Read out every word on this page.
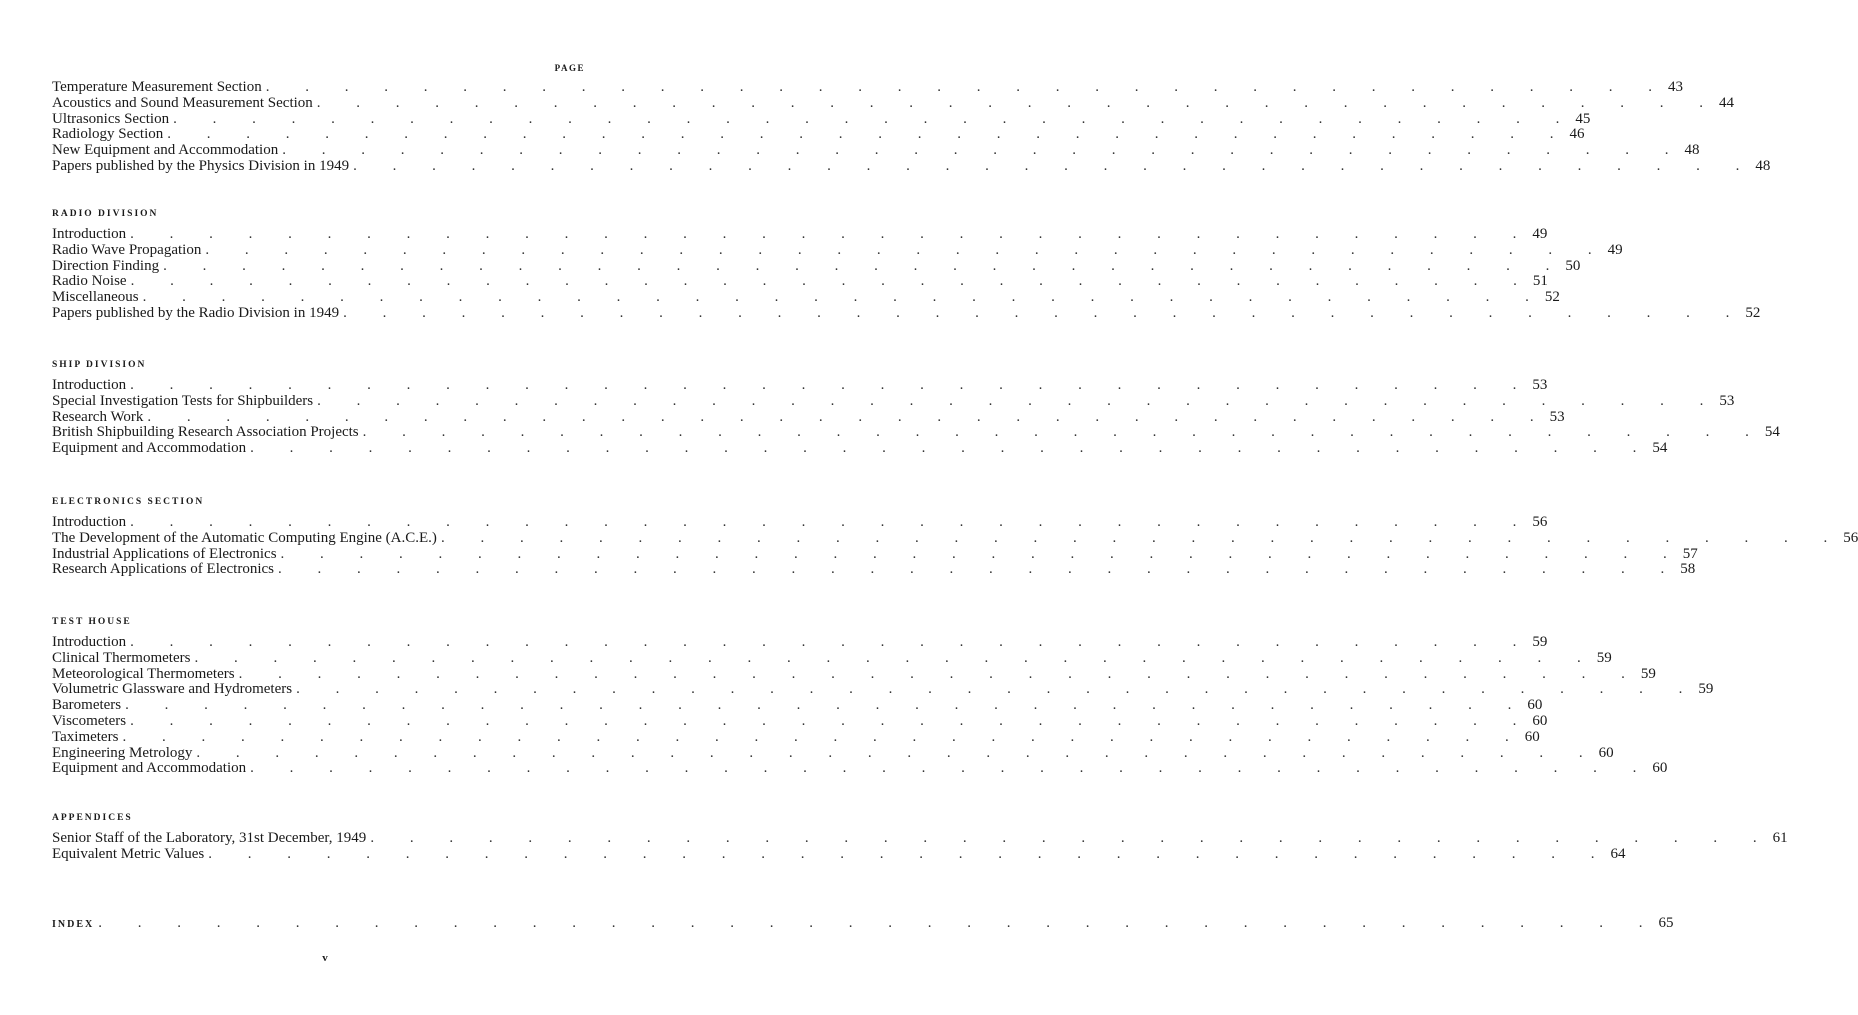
PAGE
Temperature Measurement Section . . . . . . . . . . . . . . . . . . . . . . . . . . . . . . . . . . . . 43
Acoustics and Sound Measurement Section . . . . . . . . . . . . . . . . . . . . . . . . . . . . . . . . . . . . 44
Ultrasonics Section . . . . . . . . . . . . . . . . . . . . . . . . . . . . . . . . . . . . 45
Radiology Section . . . . . . . . . . . . . . . . . . . . . . . . . . . . . . . . . . . . 46
New Equipment and Accommodation . . . . . . . . . . . . . . . . . . . . . . . . . . . . . . . . . . . . 48
Papers published by the Physics Division in 1949 . . . . . . . . . . . . . . . . . . . . . . . . . . . . . . . . . . . . 48
RADIO DIVISION
Introduction . . . . . . . . . . . . . . . . . . . . . . . . . . . . . . . . . . . . 49
Radio Wave Propagation . . . . . . . . . . . . . . . . . . . . . . . . . . . . . . . . . . . . 49
Direction Finding . . . . . . . . . . . . . . . . . . . . . . . . . . . . . . . . . . . . 50
Radio Noise . . . . . . . . . . . . . . . . . . . . . . . . . . . . . . . . . . . . 51
Miscellaneous . . . . . . . . . . . . . . . . . . . . . . . . . . . . . . . . . . . . 52
Papers published by the Radio Division in 1949 . . . . . . . . . . . . . . . . . . . . . . . . . . . . . . . . . . . . 52
SHIP DIVISION
Introduction . . . . . . . . . . . . . . . . . . . . . . . . . . . . . . . . . . . . 53
Special Investigation Tests for Shipbuilders . . . . . . . . . . . . . . . . . . . . . . . . . . . . . . . . . . . . 53
Research Work . . . . . . . . . . . . . . . . . . . . . . . . . . . . . . . . . . . . 53
British Shipbuilding Research Association Projects . . . . . . . . . . . . . . . . . . . . . . . . . . . . . . . . . . . . 54
Equipment and Accommodation . . . . . . . . . . . . . . . . . . . . . . . . . . . . . . . . . . . . 54
ELECTRONICS SECTION
Introduction . . . . . . . . . . . . . . . . . . . . . . . . . . . . . . . . . . . . 56
The Development of the Automatic Computing Engine (A.C.E.) . . . . . . . . . . . . . . . . . . . . . . . . . . . . . . . . . . . . 56
Industrial Applications of Electronics . . . . . . . . . . . . . . . . . . . . . . . . . . . . . . . . . . . . 57
Research Applications of Electronics . . . . . . . . . . . . . . . . . . . . . . . . . . . . . . . . . . . . 58
TEST HOUSE
Introduction . . . . . . . . . . . . . . . . . . . . . . . . . . . . . . . . . . . . 59
Clinical Thermometers . . . . . . . . . . . . . . . . . . . . . . . . . . . . . . . . . . . . 59
Meteorological Thermometers . . . . . . . . . . . . . . . . . . . . . . . . . . . . . . . . . . . . 59
Volumetric Glassware and Hydrometers . . . . . . . . . . . . . . . . . . . . . . . . . . . . . . . . . . . . 59
Barometers . . . . . . . . . . . . . . . . . . . . . . . . . . . . . . . . . . . . 60
Viscometers . . . . . . . . . . . . . . . . . . . . . . . . . . . . . . . . . . . . 60
Taximeters . . . . . . . . . . . . . . . . . . . . . . . . . . . . . . . . . . . . 60
Engineering Metrology . . . . . . . . . . . . . . . . . . . . . . . . . . . . . . . . . . . . 60
Equipment and Accommodation . . . . . . . . . . . . . . . . . . . . . . . . . . . . . . . . . . . . 60
APPENDICES
Senior Staff of the Laboratory, 31st December, 1949 . . . . . . . . . . . . . . . . . . . . . . . . . . . . . . . . . . . . 61
Equivalent Metric Values . . . . . . . . . . . . . . . . . . . . . . . . . . . . . . . . . . . . 64
INDEX . . . . . . . . . . . . . . . . . . . . . . . . . . . . . . . . . . . . . . . . 65
v
